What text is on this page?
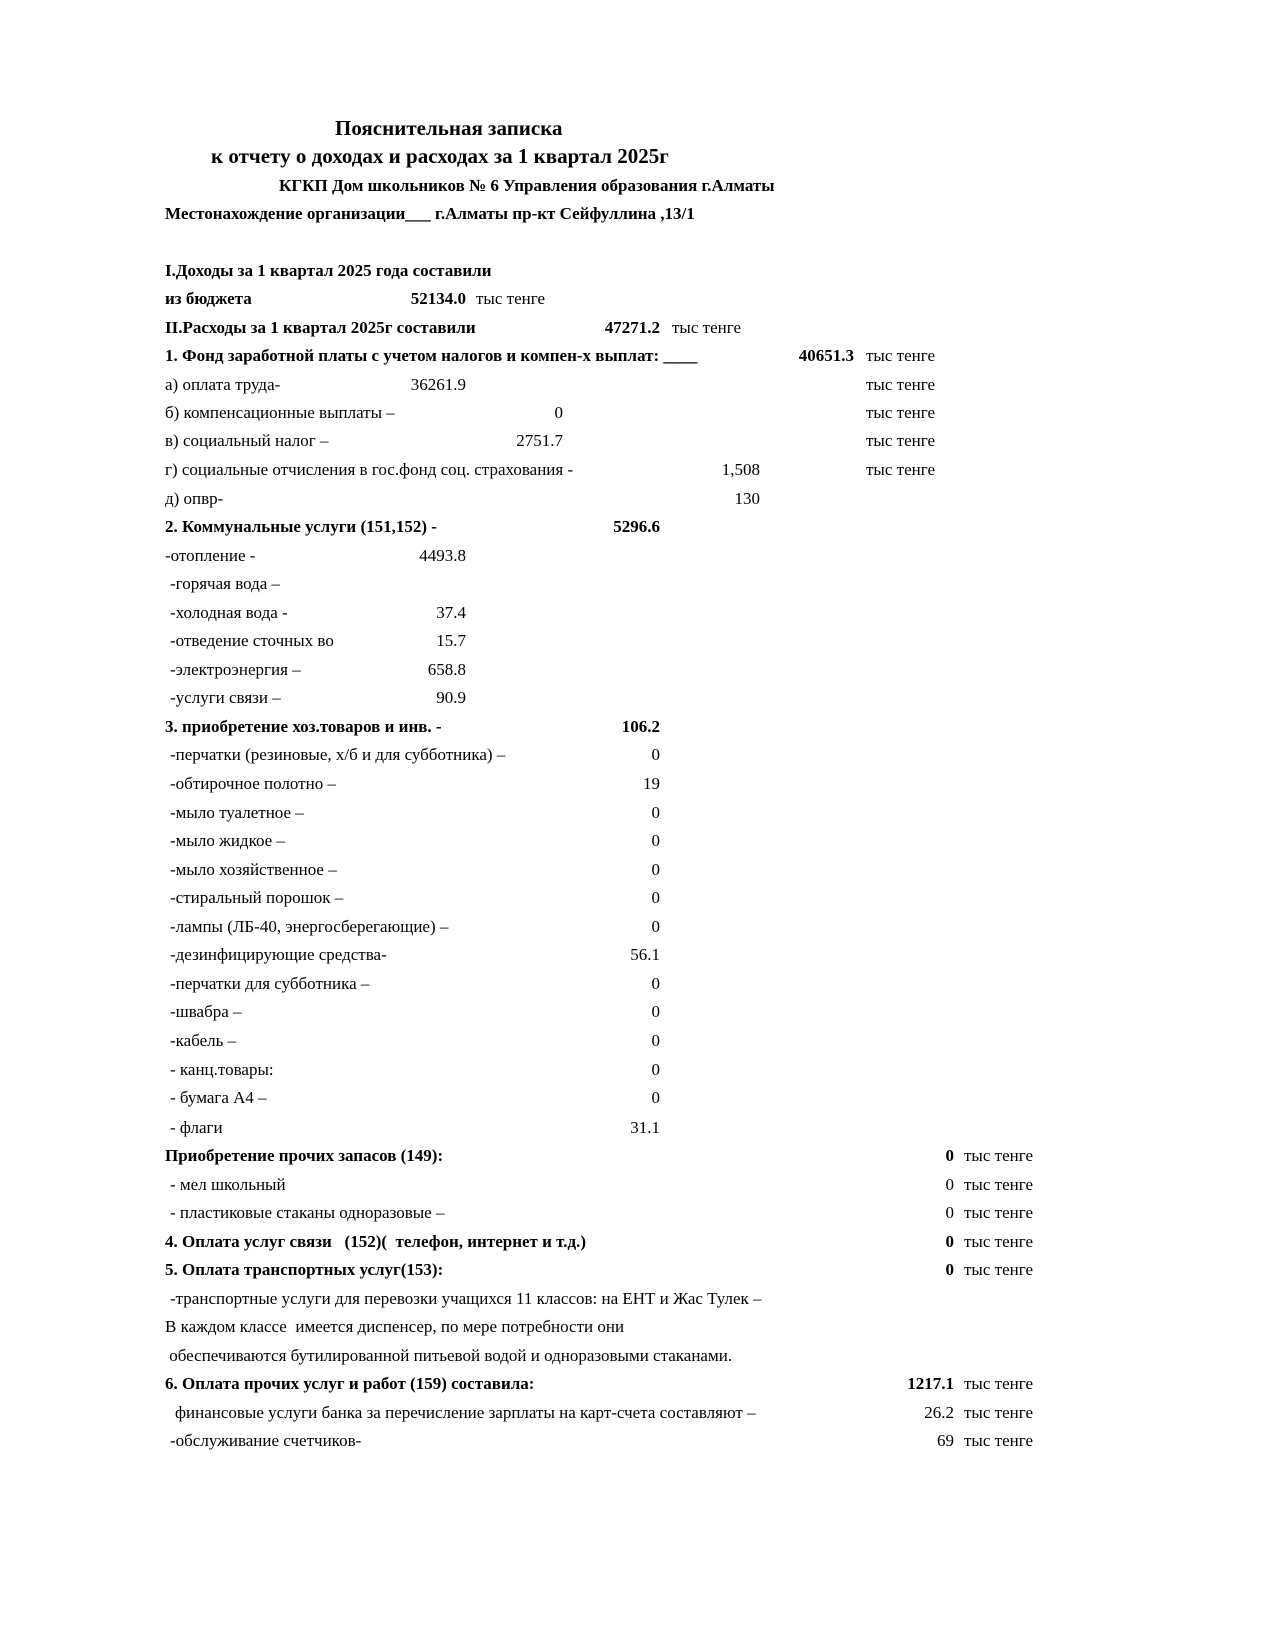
Пояснительная записка
к отчету о доходах и расходах за 1 квартал 2025г
КГКП Дом школьников № 6 Управления образования г.Алматы
Местонахождение организации___ г.Алматы пр-кт Сейфуллина ,13/1
I.Доходы за 1 квартал 2025 года составили
из бюджета	52134.0 тыс тенге
II.Расходы за 1 квартал 2025г составили	47271.2 тыс тенге
1. Фонд заработной платы с учетом налогов и компен-х выплат: ____	40651.3 тыс тенге
а) оплата труда-	36261.9	тыс тенге
б) компенсационные выплаты –	0	тыс тенге
в) социальный налог –	2751.7	тыс тенге
г) социальные отчисления в гос.фонд соц. страхования -	1,508	тыс тенге
д) опвр-	130
2. Коммунальные услуги (151,152) -	5296.6
-отопление -	4493.8
-горячая вода –
-холодная вода -	37.4
-отведение сточных во	15.7
-электроэнергия –	658.8
-услуги связи –	90.9
3. приобретение хоз.товаров и инв. -	106.2
-перчатки (резиновые, х/б и для субботника) –	0
-обтирочное полотно –	19
-мыло туалетное –	0
-мыло жидкое –	0
-мыло хозяйственное –	0
-стиральный порошок –	0
-лампы (ЛБ-40, энергосберегающие) –	0
-дезинфицирующие средства-	56.1
-перчатки для субботника –	0
-швабра –	0
-кабель –	0
- канц.товары:	0
- бумага А4 –	0
- флаги	31.1
Приобретение прочих запасов (149):	0 тыс тенге
- мел школьный	0 тыс тенге
- пластиковые стаканы одноразовые –	0 тыс тенге
4. Оплата услуг связи   (152)(  телефон, интернет и т.д.)	0 тыс тенге
5. Оплата транспортных услуг(153):	0 тыс тенге
-транспортные услуги для перевозки учащихся 11 классов: на ЕНТ и Жас Тулек –
В каждом классе  имеется диспенсер, по мере потребности они
обеспечиваются бутилированной питьевой водой и одноразовыми стаканами.
6. Оплата прочих услуг и работ (159) составила:	1217.1 тыс тенге
финансовые услуги банка за перечисление зарплаты на карт-счета составляют –	26.2 тыс тенге
-обслуживание счетчиков-	69 тыс тенге
